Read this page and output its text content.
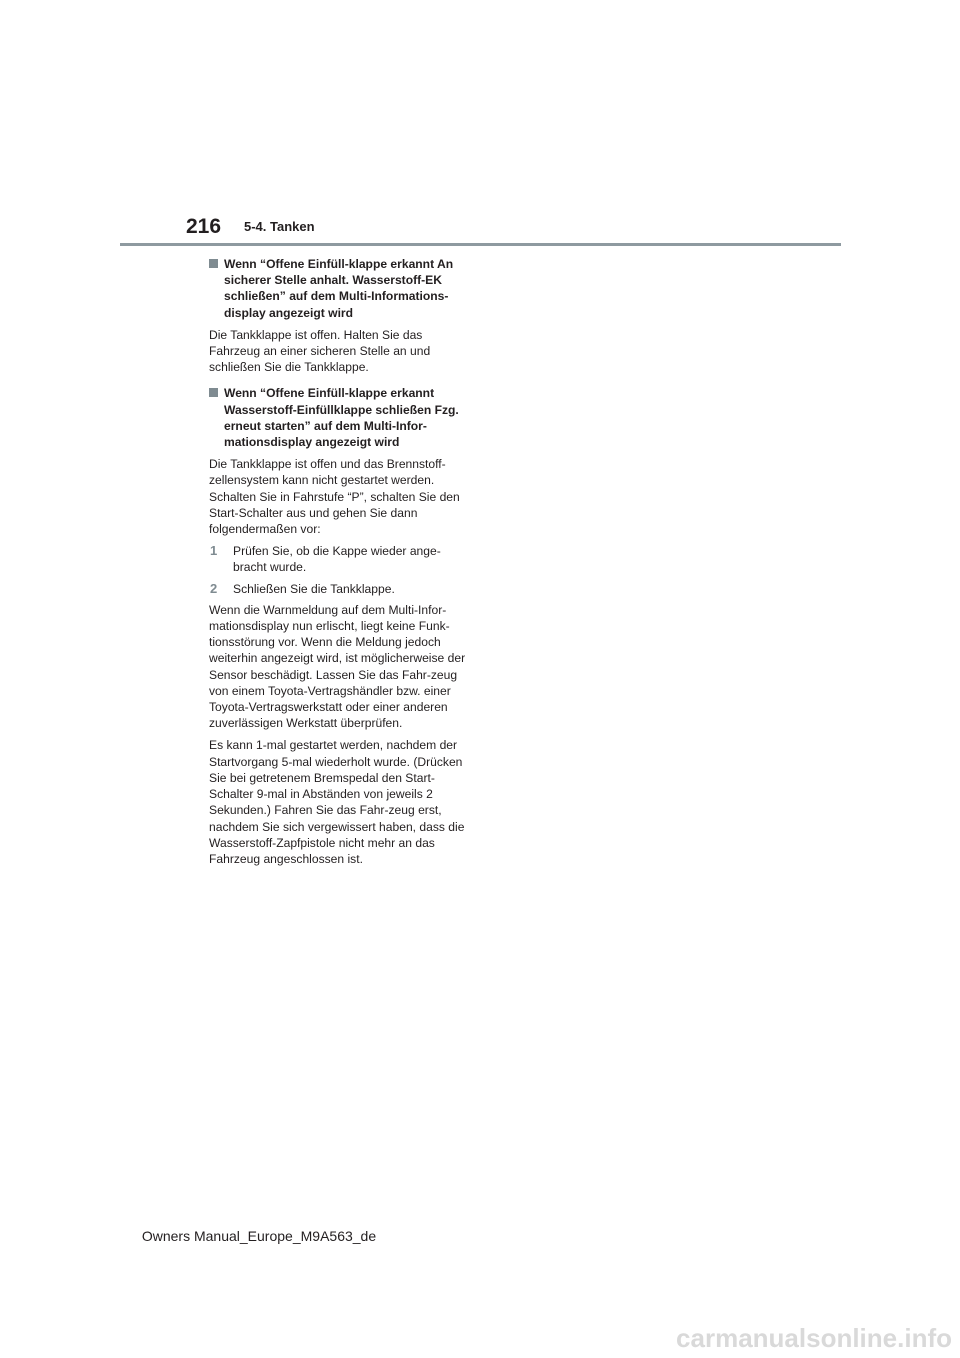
216 5-4. Tanken
Wenn “Offene Einfüll-klappe erkannt An sicherer Stelle anhalt. Wasserstoff-EK schließen” auf dem Multi-Informations-display angezeigt wird

Die Tankklappe ist offen. Halten Sie das Fahrzeug an einer sicheren Stelle an und schließen Sie die Tankklappe.

Wenn “Offene Einfüll-klappe erkannt Wasserstoff-Einfüllklappe schließen Fzg. erneut starten” auf dem Multi-Infor-mationsdisplay angezeigt wird

Die Tankklappe ist offen und das Brennstoff-zellensystem kann nicht gestartet werden. Schalten Sie in Fahrstufe “P”, schalten Sie den Start-Schalter aus und gehen Sie dann folgendermaßen vor:

1 Prüfen Sie, ob die Kappe wieder ange-bracht wurde.
2 Schließen Sie die Tankklappe.

Wenn die Warnmeldung auf dem Multi-Infor-mationsdisplay nun erlischt, liegt keine Funk-tionsstörung vor. Wenn die Meldung jedoch weiterhin angezeigt wird, ist möglicherweise der Sensor beschädigt. Lassen Sie das Fahr-zeug von einem Toyota-Vertragshändler bzw. einer Toyota-Vertragswerkstatt oder einer anderen zuverlässigen Werkstatt überprüfen.

Es kann 1-mal gestartet werden, nachdem der Startvorgang 5-mal wiederholt wurde. (Drücken Sie bei getretenem Bremspedal den Start-Schalter 9-mal in Abständen von jeweils 2 Sekunden.) Fahren Sie das Fahr-zeug erst, nachdem Sie sich vergewissert haben, dass die Wasserstoff-Zapfpistole nicht mehr an das Fahrzeug angeschlossen ist.

Owners Manual_Europe_M9A563_de
carmanualsonline.info
